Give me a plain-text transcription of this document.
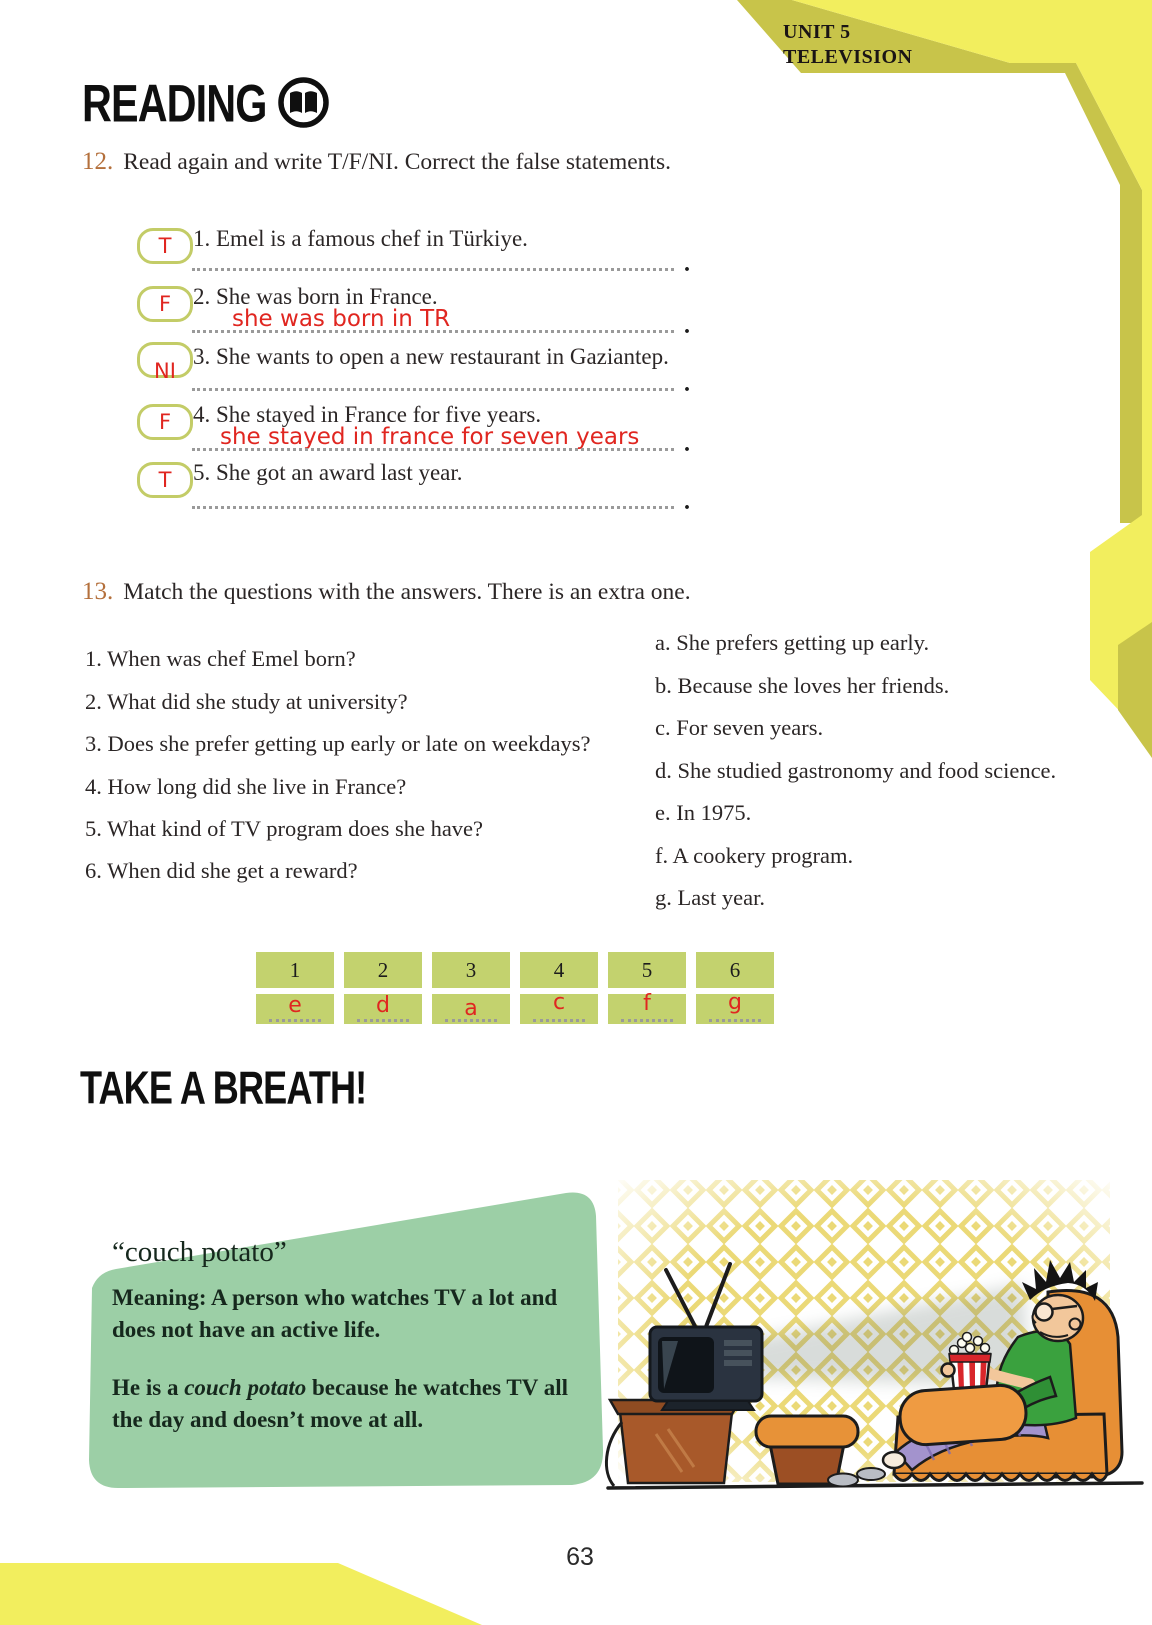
UNIT 5
TELEVISION
READING
12. Read again and write T/F/NI. Correct the false statements.
T 1. Emel is a famous chef in Türkiye.
.
F 2. She was born in France.
she was born in TR	.
NI
3. She wants to open a new restaurant in Gaziantep.
.
F 4. She stayed in France for five years.
she stayed in france for seven years .
T 5. She got an award last year.
.
13. Match the questions with the answers. There is an extra one.
1. When was chef Emel born?
2. What did she study at university?
3. Does she prefer getting up early or late on weekdays?
4. How long did she live in France?
5. What kind of TV program does she have?
6. When did she get a reward?
a. She prefers getting up early.
b. Because she loves her friends.
c. For seven years.
d. She studied gastronomy and food science.
e. In 1975.
f. A cookery program.
g. Last year.
1	2	3	4	5	6
e	d	a	c	f	g
TAKE A BREATH!
“couch potato”
Meaning: A person who watches TV a lot and does not have an active life.
He is a couch potato because he watches TV all the day and doesn’t move at all.
63
